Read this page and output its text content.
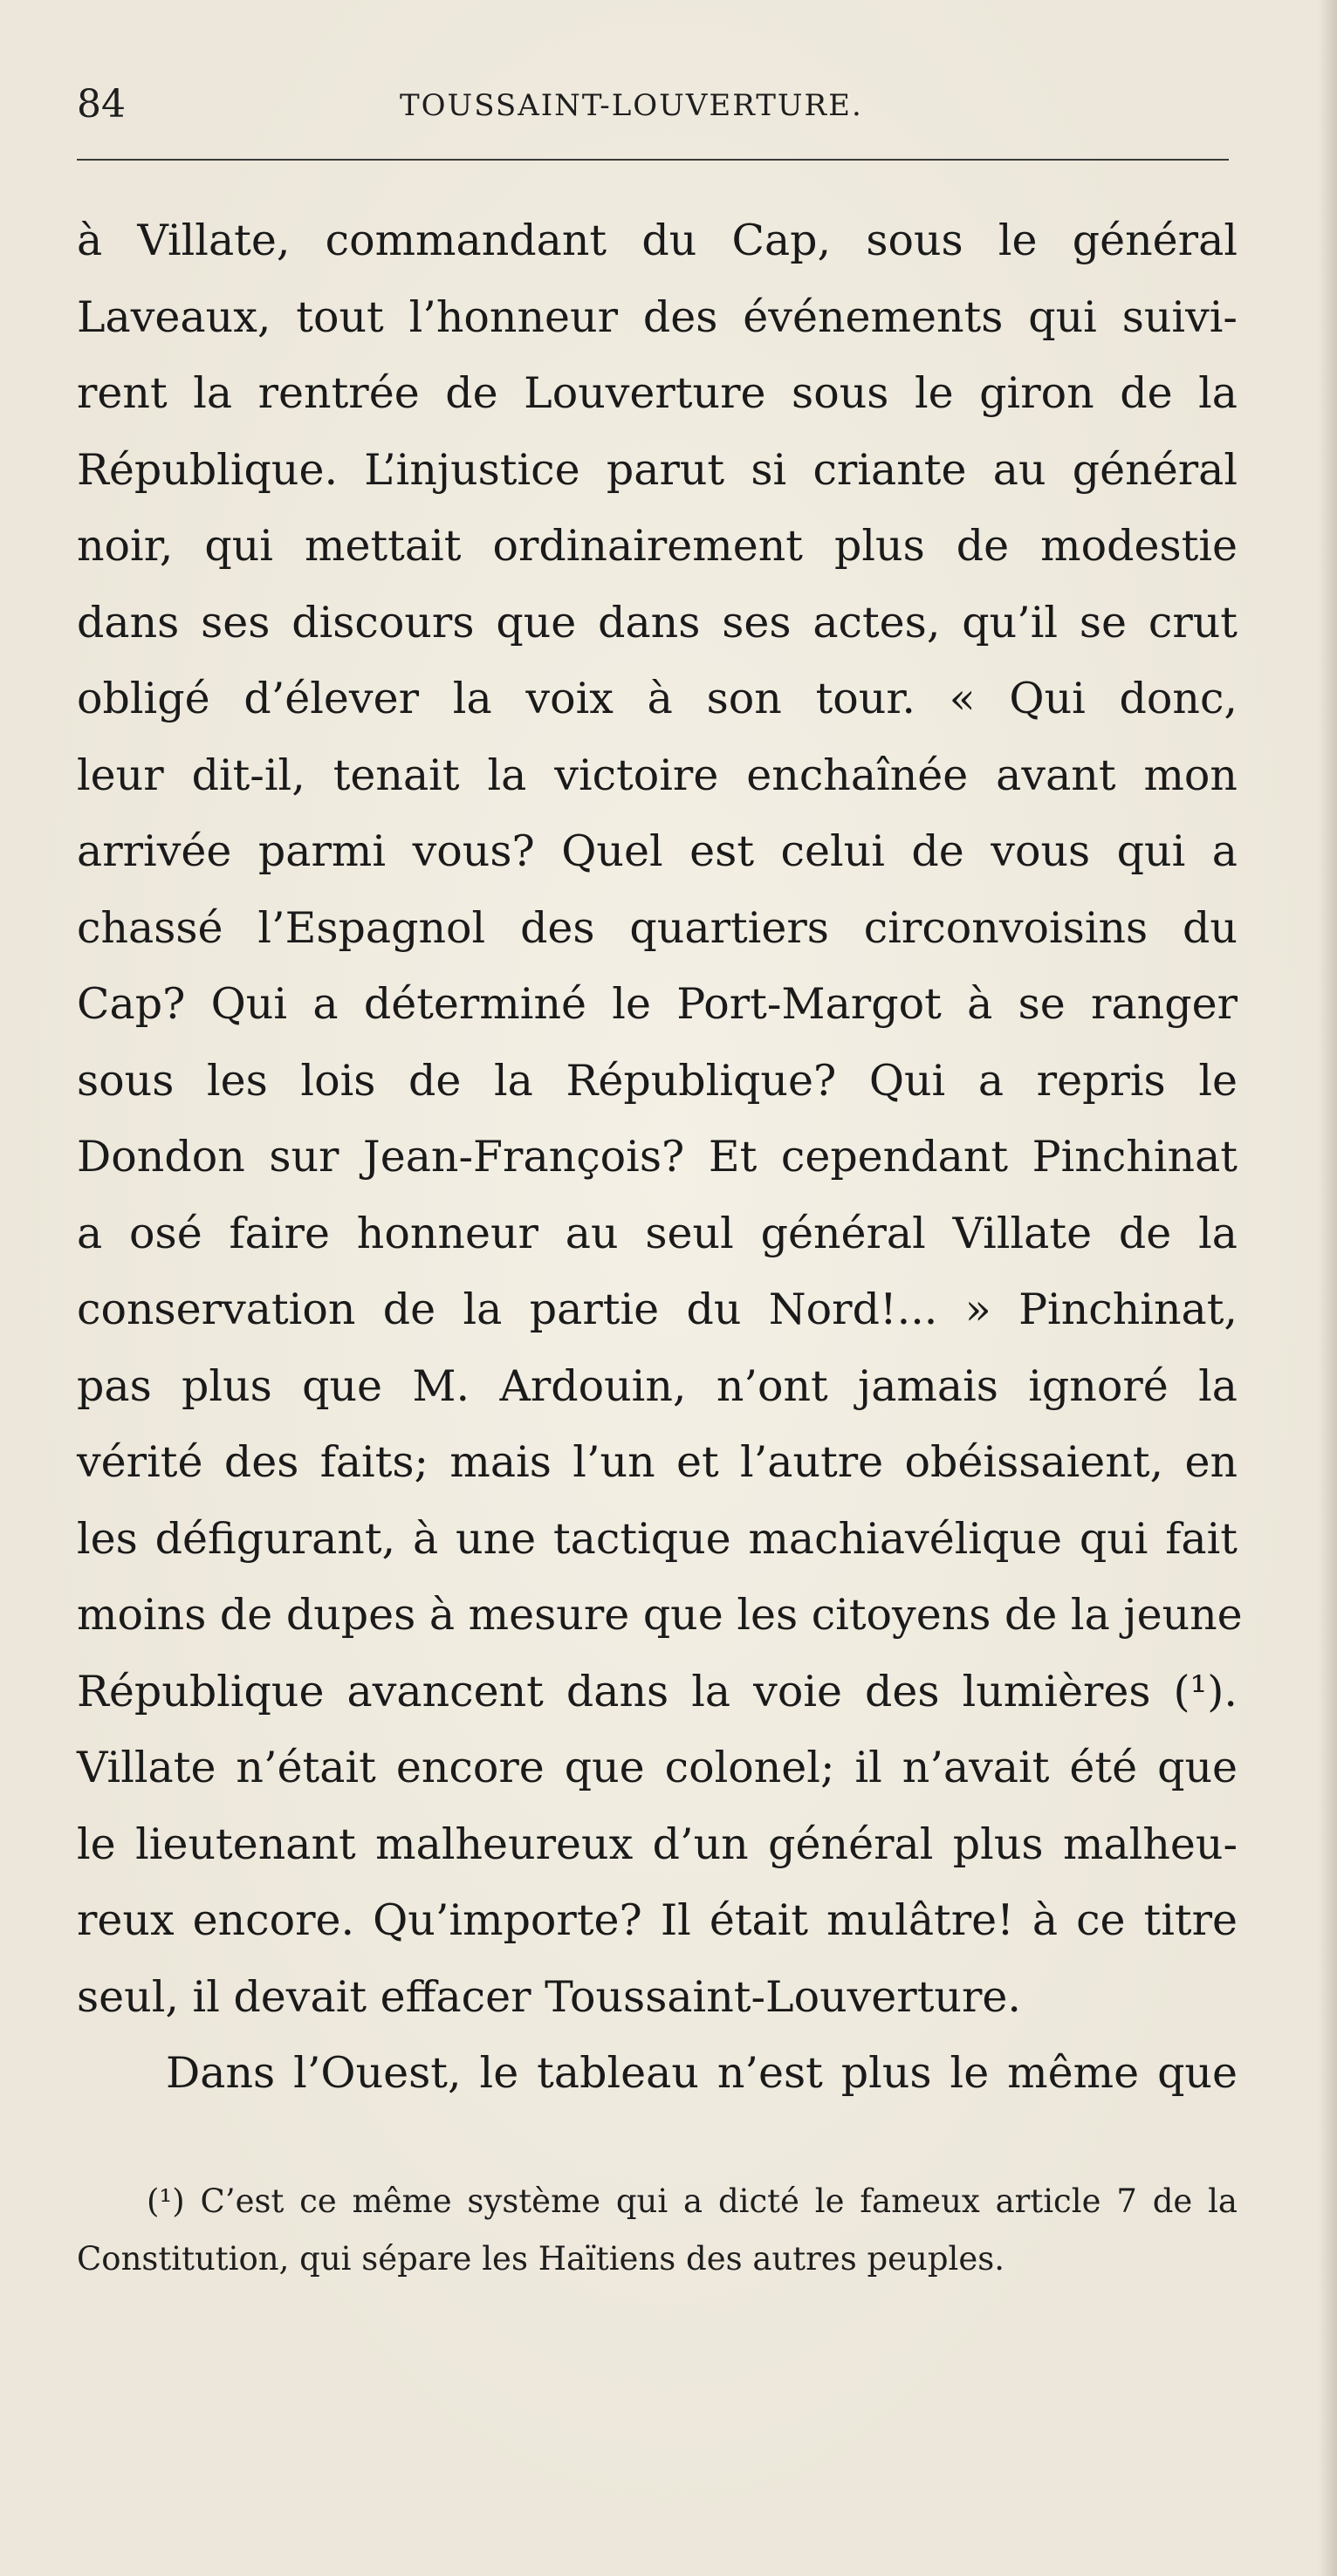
84	TOUSSAINT-LOUVERTURE.
à Villate, commandant du Cap, sous le général
Laveaux, tout l’honneur des événements qui suivi-
rent la rentrée de Louverture sous le giron de la
République. L’injustice parut si criante au général
noir, qui mettait ordinairement plus de modestie
dans ses discours que dans ses actes, qu’il se crut
obligé d’élever la voix à son tour. « Qui donc,
leur dit-il, tenait la victoire enchaînée avant mon
arrivée parmi vous? Quel est celui de vous qui a
chassé l’Espagnol des quartiers circonvoisins du
Cap? Qui a déterminé le Port-Margot à se ranger
sous les lois de la République? Qui a repris le
Dondon sur Jean-François? Et cependant Pinchinat
a osé faire honneur au seul général Villate de la
conservation de la partie du Nord!... » Pinchinat,
pas plus que M. Ardouin, n’ont jamais ignoré la
vérité des faits; mais l’un et l’autre obéissaient, en
les défigurant, à une tactique machiavélique qui fait
moins de dupes à mesure que les citoyens de la jeune
République avancent dans la voie des lumières (¹).
Villate n’était encore que colonel; il n’avait été que
le lieutenant malheureux d’un général plus malheu-
reux encore. Qu’importe? Il était mulâtre! à ce titre
seul, il devait effacer Toussaint-Louverture.
Dans l’Ouest, le tableau n’est plus le même que
(¹) C’est ce même système qui a dicté le fameux article 7 de la
Constitution, qui sépare les Haïtiens des autres peuples.
